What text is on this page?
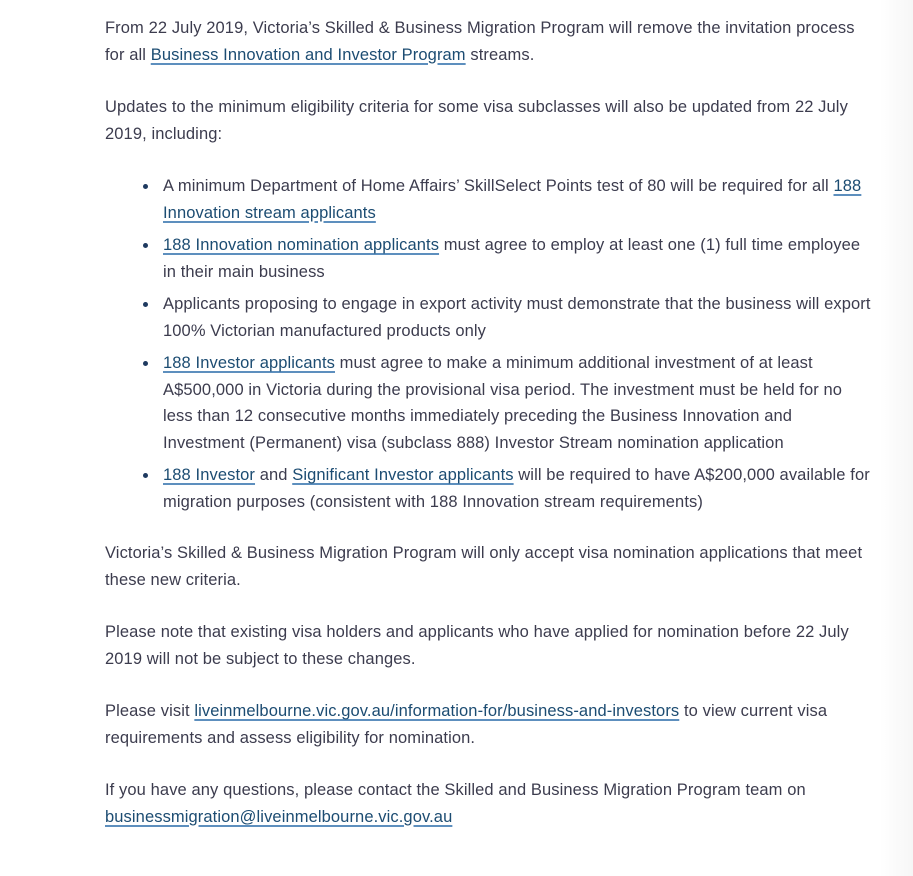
From 22 July 2019, Victoria’s Skilled & Business Migration Program will remove the invitation process for all Business Innovation and Investor Program streams.

Updates to the minimum eligibility criteria for some visa subclasses will also be updated from 22 July 2019, including:

A minimum Department of Home Affairs’ SkillSelect Points test of 80 will be required for all 188 Innovation stream applicants
188 Innovation nomination applicants must agree to employ at least one (1) full time employee in their main business
Applicants proposing to engage in export activity must demonstrate that the business will export 100% Victorian manufactured products only
188 Investor applicants must agree to make a minimum additional investment of at least A$500,000 in Victoria during the provisional visa period. The investment must be held for no less than 12 consecutive months immediately preceding the Business Innovation and Investment (Permanent) visa (subclass 888) Investor Stream nomination application
188 Investor and Significant Investor applicants will be required to have A$200,000 available for migration purposes (consistent with 188 Innovation stream requirements)

Victoria’s Skilled & Business Migration Program will only accept visa nomination applications that meet these new criteria.

Please note that existing visa holders and applicants who have applied for nomination before 22 July 2019 will not be subject to these changes.

Please visit liveinmelbourne.vic.gov.au/information-for/business-and-investors to view current visa requirements and assess eligibility for nomination.

If you have any questions, please contact the Skilled and Business Migration Program team on businessmigration@liveinmelbourne.vic.gov.au
